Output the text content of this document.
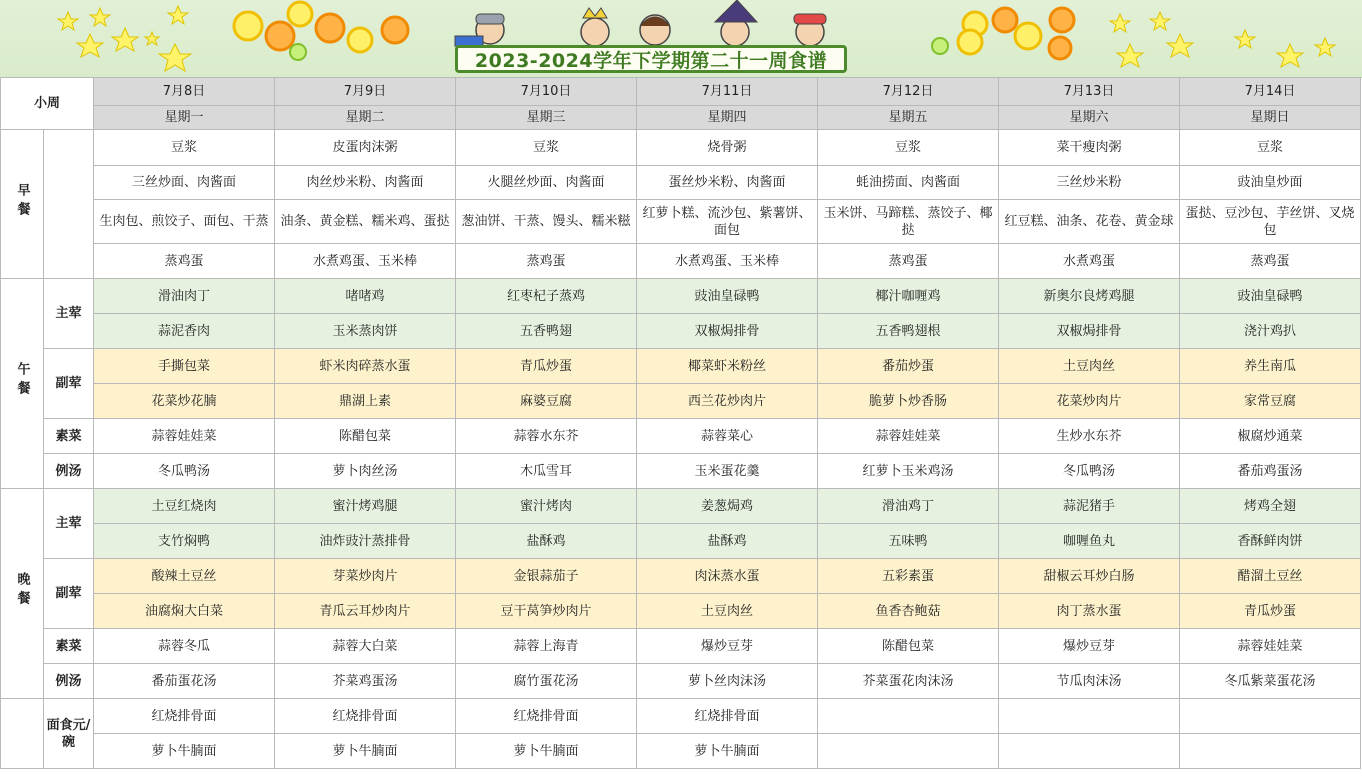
2023-2024学年下学期第二十一周食谱
小周		7月8日	7月9日	7月10日	7月11日	7月12日	7月13日	7月14日
		星期一	星期二	星期三	星期四	星期五	星期六	星期日
早餐		豆浆	皮蛋肉沫粥	豆浆	烧骨粥	豆浆	菜干瘦肉粥	豆浆
		三丝炒面、肉酱面	肉丝炒米粉、肉酱面	火腿丝炒面、肉酱面	蛋丝炒米粉、肉酱面	蚝油捞面、肉酱面	三丝炒米粉	豉油皇炒面
		生肉包、煎饺子、面包、干蒸	油条、黄金糕、糯米鸡、蛋挞	葱油饼、干蒸、馒头、糯米糍	红萝卜糕、流沙包、紫薯饼、面包	玉米饼、马蹄糕、蒸饺子、椰挞	红豆糕、油条、花卷、黄金球	蛋挞、豆沙包、芋丝饼、叉烧包
		蒸鸡蛋	水煮鸡蛋、玉米棒	蒸鸡蛋	水煮鸡蛋、玉米棒	蒸鸡蛋	水煮鸡蛋	蒸鸡蛋
午餐	主荤	滑油肉丁	啫啫鸡	红枣杞子蒸鸡	豉油皇碌鸭	椰汁咖喱鸡	新奥尔良烤鸡腿	豉油皇碌鸭
		蒜泥香肉	玉米蒸肉饼	五香鸭翅	双椒焗排骨	五香鸭翅根	双椒焗排骨	浇汁鸡扒
	副荤	手撕包菜	虾米肉碎蒸水蛋	青瓜炒蛋	椰菜虾米粉丝	番茄炒蛋	土豆肉丝	养生南瓜
		花菜炒花腩	鼎湖上素	麻婆豆腐	西兰花炒肉片	脆萝卜炒香肠	花菜炒肉片	家常豆腐
	素菜	蒜蓉娃娃菜	陈醋包菜	蒜蓉水东芥	蒜蓉菜心	蒜蓉娃娃菜	生炒水东芥	椒腐炒通菜
	例汤	冬瓜鸭汤	萝卜肉丝汤	木瓜雪耳	玉米蛋花羹	红萝卜玉米鸡汤	冬瓜鸭汤	番茄鸡蛋汤
晚餐	主荤	土豆红烧肉	蜜汁烤鸡腿	蜜汁烤肉	姜葱焗鸡	滑油鸡丁	蒜泥猪手	烤鸡全翅
		支竹焖鸭	油炸豉汁蒸排骨	盐酥鸡	盐酥鸡	五味鸭	咖喱鱼丸	香酥鲜肉饼
	副荤	酸辣土豆丝	芽菜炒肉片	金银蒜茄子	肉沫蒸水蛋	五彩素蛋	甜椒云耳炒白肠	醋溜土豆丝
		油腐焖大白菜	青瓜云耳炒肉片	豆干莴笋炒肉片	土豆肉丝	鱼香杏鲍菇	肉丁蒸水蛋	青瓜炒蛋
	素菜	蒜蓉冬瓜	蒜蓉大白菜	蒜蓉上海青	爆炒豆芽	陈醋包菜	爆炒豆芽	蒜蓉娃娃菜
	例汤	番茄蛋花汤	芥菜鸡蛋汤	腐竹蛋花汤	萝卜丝肉沫汤	芥菜蛋花肉沫汤	节瓜肉沫汤	冬瓜紫菜蛋花汤
	面食元/碗	红烧排骨面	红烧排骨面	红烧排骨面	红烧排骨面			
		萝卜牛腩面	萝卜牛腩面	萝卜牛腩面	萝卜牛腩面			
